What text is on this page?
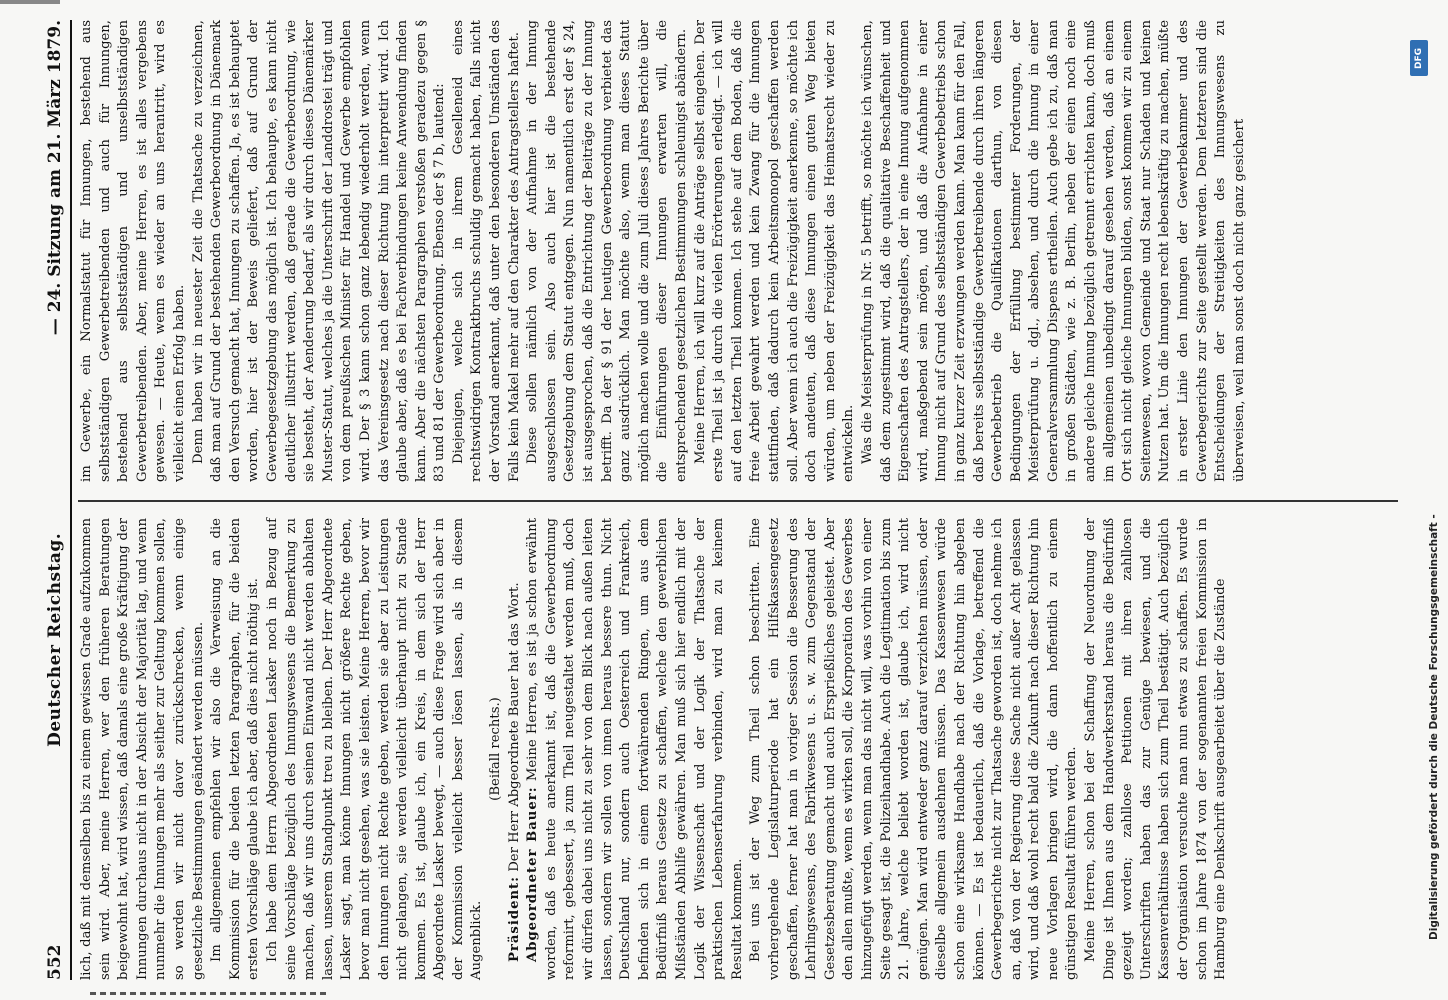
552
Deutscher Reichstag.
— 24. Sitzung am 21. März 1879.

lich, daß mit demselben bis zu einem gewissen Grade aufzukommen sein wird. Aber, meine Herren, wer den früheren Beratungen beigewohnt hat, wird wissen, daß damals eine große Kräftigung der Innungen durchaus nicht in der Absicht der Majorität lag, und wenn nunmehr die Innungen mehr als seither zur Geltung kommen sollen, so werden wir nicht davor zurückschrecken, wenn einige gesetzliche Bestimmungen geändert werden müssen. Im allgemeinen empfehlen wir also die Verweisung an die Kommission für die beiden letzten Paragraphen, für die beiden ersten Vorschläge glaube ich aber, daß dies nicht nöthig ist. Ich habe dem Herrn Abgeordneten Lasker noch in Bezug auf seine Vorschläge bezüglich des Innungswesens die Bemerkung zu machen, daß wir uns durch seinen Einwand nicht werden abhalten lassen, unserem Standpunkt treu zu bleiben. Der Herr Abgeordnete Lasker sagt, man könne Innungen nicht größere Rechte geben, bevor man nicht gesehen, was sie leisten. Meine Herren, bevor wir den Innungen nicht Rechte geben, werden sie aber zu Leistungen nicht gelangen, sie werden vielleicht überhaupt nicht zu Stande kommen. Es ist, glaube ich, ein Kreis, in dem sich der Herr Abgeordnete Lasker bewegt, — auch diese Frage wird sich aber in der Kommission vielleicht besser lösen lassen, als in diesem Augenblick.

(Beifall rechts.)

Präsident: Der Herr Abgeordnete Bauer hat das Wort.

Abgeordneter Bauer: Meine Herren, es ist ja schon erwähnt worden, daß es heute anerkannt ist, daß die Gewerbeordnung reformirt, gebessert, ja zum Theil neugestaltet werden muß, doch wir dürfen dabei uns nicht zu sehr von dem Blick nach außen leiten lassen, sondern wir sollen von innen heraus bessere thun. Nicht Deutschland nur, sondern auch Oesterreich und Frankreich, befinden sich in einem fortwährenden Ringen, um aus dem Bedürfniß heraus Gesetze zu schaffen, welche den gewerblichen Mißständen Abhilfe gewähren. Man muß sich hier endlich mit der Logik der Wissenschaft und der Logik der Thatsache der praktischen Lebenserfahrung verbinden, wird man zu keinem Resultat kommen. Bei uns ist der Weg zum Theil schon beschritten. Eine vorhergehende Legislaturperiode hat ein Hilfskassengesetz geschaffen, ferner hat man in voriger Session die Besserung des Lehrlingswesens, des Fabrikwesens u. s. w. zum Gegenstand der Gesetzesberatung gemacht und auch Ersprießliches geleistet. Aber den allen mußte, wenn es wirken soll, die Korporation des Gewerbes hinzugefügt werden, wenn man das nicht will, was vorhin von einer Seite gesagt ist, die Polizeihandhabe. Auch die Legitimation bis zum 21. Jahre, welche beliebt worden ist, glaube ich, wird nicht genügen. Man wird entweder ganz darauf verzichten müssen, oder dieselbe allgemein ausdehnen müssen. Das Kassenwesen würde schon eine wirksame Handhabe nach der Richtung hin abgeben können. — Es ist bedauerlich, daß die Vorlage, betreffend die Gewerbegerichte nicht zur Thatsache geworden ist, doch nehme ich an, daß von der Regierung diese Sache nicht außer Acht gelassen wird, und daß wohl recht bald die Zukunft nach dieser Richtung hin neue Vorlagen bringen wird, die dann hoffentlich zu einem günstigen Resultat führen werden. Meine Herren, schon bei der Schaffung der Neuordnung der Dinge ist Ihnen aus dem Handwerkerstand heraus die Bedürfniß gezeigt worden; zahllose Petitionen mit ihren zahllosen Unterschriften haben das zur Genüge bewiesen, und die Kassenverhältnisse haben sich zum Theil bestätigt. Auch bezüglich der Organisation versuchte man nun etwas zu schaffen. Es wurde schon im Jahre 1874 von der sogenannten freien Kommission in Hamburg eine Denkschrift ausgearbeitet über die Zustände

im Gewerbe, ein Normalstatut für Innungen, bestehend aus selbstständigen Gewerbetreibenden und auch für Innungen, bestehend aus selbstständigen und unselbstständigen Gewerbetreibenden. Aber, meine Herren, es ist alles vergebens gewesen. — Heute, wenn es wieder an uns herantritt, wird es vielleicht einen Erfolg haben. Denn haben wir in neuester Zeit die Thatsache zu verzeichnen, daß man auf Grund der bestehenden Gewerbeordnung in Dänemark den Versuch gemacht hat, Innungen zu schaffen. Ja, es ist behauptet worden, hier ist der Beweis geliefert, daß auf Grund der Gewerbegesetzgebung das möglich ist. Ich behaupte, es kann nicht deutlicher illustrirt werden, daß gerade die Gewerbeordnung, wie sie besteht, der Aenderung bedarf, als wir durch dieses Dänemärker Muster-Statut, welches ja die Unterschrift der Landdrostei trägt und von dem preußischen Minister für Handel und Gewerbe empfohlen wird. Der § 3 kann schon ganz lebendig wiederholt werden, wenn das Vereinsgesetz nach dieser Richtung hin interpretirt wird. Ich glaube aber, daß es bei Fachverbindungen keine Anwendung finden kann. Aber die nächsten Paragraphen verstoßen geradezu gegen § 83 und 81 der Gewerbeordnung. Ebenso der § 7 b, lautend: Diejenigen, welche sich in ihrem Geselleneid eines rechtswidrigen Kontraktbruchs schuldig gemacht haben, falls nicht der Vorstand anerkannt, daß unter den besonderen Umständen des Falls kein Makel mehr auf den Charakter des Antragstellers haftet. Diese sollen nämlich von der Aufnahme in der Innung ausgeschlossen sein. Also auch hier ist die bestehende Gesetzgebung dem Statut entgegen. Nun namentlich erst der § 24, ist ausgesprochen, daß die Entrichtung der Beiträge zu der Innung betrifft. Da der § 91 der heutigen Gewerbeordnung verbietet das ganz ausdrücklich. Man möchte also, wenn man dieses Statut möglich machen wolle und die zum Juli dieses Jahres Berichte über die Einführungen dieser Innungen erwarten will, die entsprechenden gesetzlichen Bestimmungen schleunigst abändern. Meine Herren, ich will kurz auf die Anträge selbst eingehen. Der erste Theil ist ja durch die vielen Erörterungen erledigt. — ich will auf den letzten Theil kommen. Ich stehe auf dem Boden, daß die freie Arbeit gewahrt werden und kein Zwang für die Innungen stattfinden, daß dadurch kein Arbeitsmonopol geschaffen werden soll. Aber wenn ich auch die Freizügigkeit anerkenne, so möchte ich doch andeuten, daß diese Innungen einen guten Weg bieten würden, um neben der Freizügigkeit das Heimatsrecht wieder zu entwickeln. Was die Meisterprüfung in Nr. 5 betrifft, so möchte ich wünschen, daß dem zugestimmt wird, daß die qualitative Beschaffenheit und Eigenschaften des Antragstellers, der in eine Innung aufgenommen wird, maßgebend sein mögen, und daß die Aufnahme in einer Innung nicht auf Grund des selbstständigen Gewerbebetriebs schon in ganz kurzer Zeit erzwungen werden kann. Man kann für den Fall, daß bereits selbstständige Gewerbetreibende durch ihren längeren Gewerbebetrieb die Qualifikationen darthun, von diesen Bedingungen der Erfüllung bestimmter Forderungen, der Meisterprüfung u. dgl., absehen, und durch die Innung in einer Generalversammlung Dispens ertheilen. Auch gebe ich zu, daß man in großen Städten, wie z. B. Berlin, neben der einen noch eine andere gleiche Innung bezüglich getrennt errichten kann, doch muß im allgemeinen unbedingt darauf gesehen werden, daß an einem Ort sich nicht gleiche Innungen bilden, sonst kommen wir zu einem Seitenwesen, wovon Gemeinde und Staat nur Schaden und keinen Nutzen hat. Um die Innungen recht lebenskräftig zu machen, müßte in erster Linie den Innungen der Gewerbekammer und des Gewerbegerichts zur Seite gestellt werden. Dem letzteren sind die Entscheidungen der Streitigkeiten des Innungswesens zu überweisen, weil man sonst doch nicht ganz gesichert

DFG
Digitalisierung gefördert durch die Deutsche Forschungsgemeinschaft -
